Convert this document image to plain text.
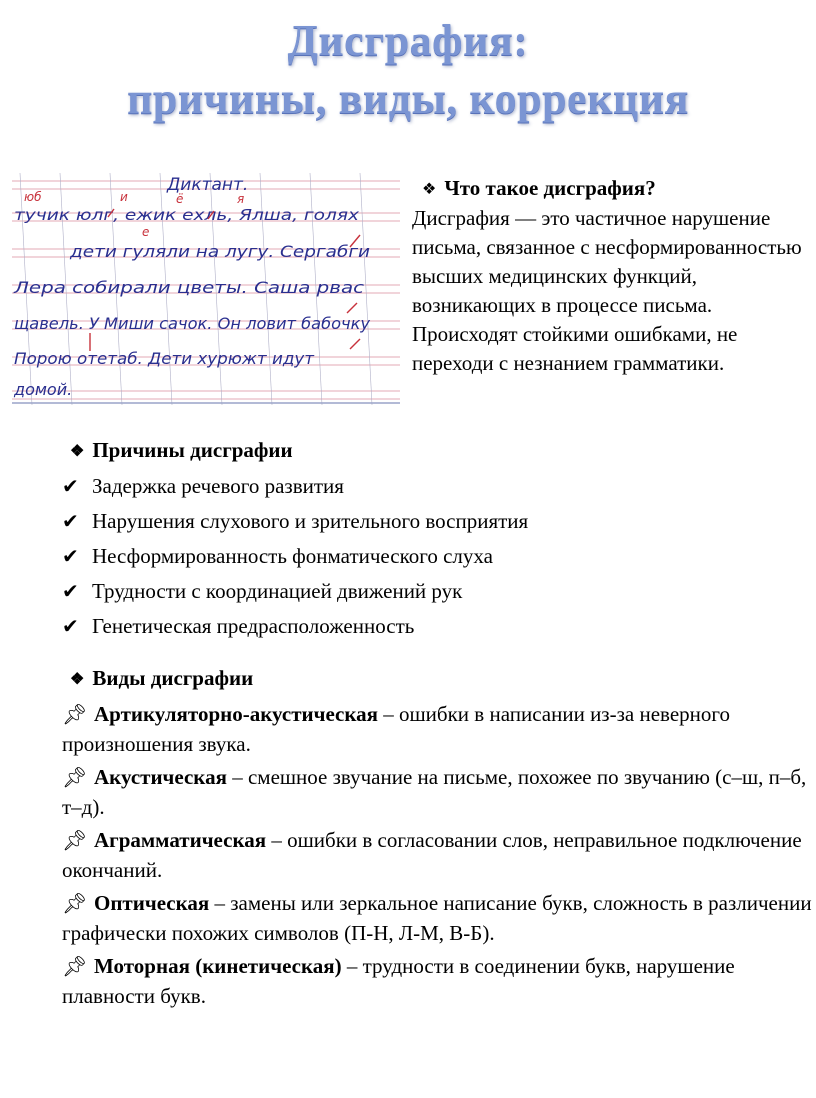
Дисграфия:
причины, виды, коррекция
Диктант.
тучик юлг, ежик ехль, Ялша, голях
дети гуляли на лугу. Сергабги
Лера собирали цветы. Саша рвас
щавель. У Миши сачок. Он ловит бабочку
Порою отетаб. Дети хурюжт идут
домой.
юб	и	ё	я
е
❖ Что такое дисграфия?
Дисграфия — это частичное нарушение письма, связанное с несформированностью высших медицинских функций, возникающих в процессе письма. Происходят стойкими ошибками, не переходи с незнанием грамматики.
❖ Причины дисграфии
✔︎ Задержка речевого развития
✔︎ Нарушения слухового и зрительного восприятия
✔︎ Несформированность фонматического слуха
✔︎ Трудности с координацией движений рук
✔︎ Генетическая предрасположенность
❖ Виды дисграфии
📌︎ Артикуляторно-акустическая – ошибки в написании из-за неверного произношения звука.
📌︎ Акустическая – смешное звучание на письме, похожее по звучанию (с–ш, п–б, т–д).
📌︎ Аграмматическая – ошибки в согласовании слов, неправильное подключение окончаний.
📌︎ Оптическая – замены или зеркальное написание букв, сложность в различении графически похожих символов (П-Н, Л-М, В-Б).
📌︎ Моторная (кинетическая) – трудности в соединении букв, нарушение плавности букв.
